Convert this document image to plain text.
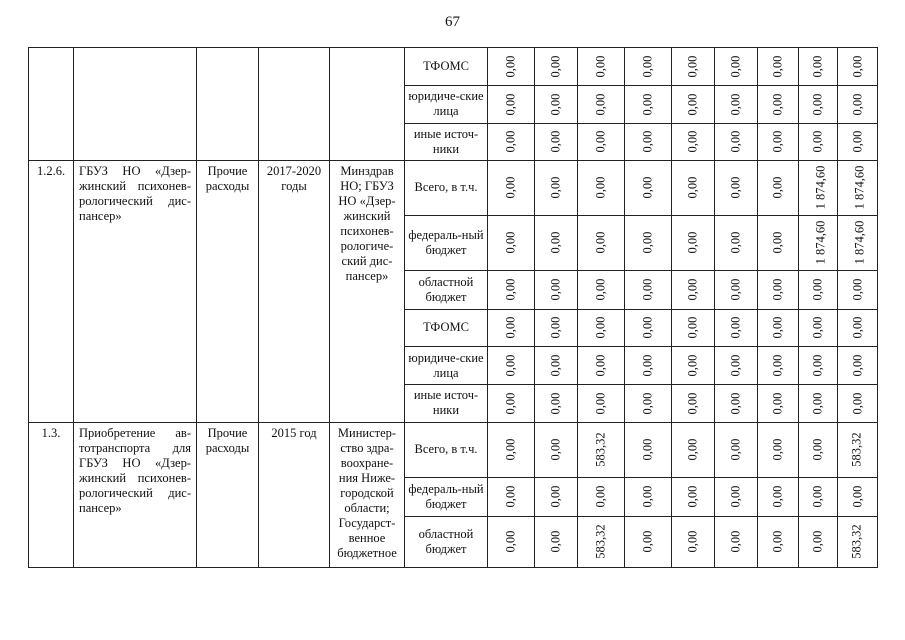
67
					ТФОМС	0,00	0,00	0,00	0,00	0,00	0,00	0,00	0,00	0,00
					юридиче-ские лица	0,00	0,00	0,00	0,00	0,00	0,00	0,00	0,00	0,00
					иные источ-ники	0,00	0,00	0,00	0,00	0,00	0,00	0,00	0,00	0,00
1.2.6.	ГБУЗ НО «Дзер-жинский психонев-рологический дис-пансер»	Прочие расходы	2017-2020 годы	Минздрав НО; ГБУЗ НО «Дзер-жинский психонев-рологиче-ский дис-пансер»	Всего, в т.ч.	0,00	0,00	0,00	0,00	0,00	0,00	0,00	1 874,60	1 874,60
					федераль-ный бюджет	0,00	0,00	0,00	0,00	0,00	0,00	0,00	1 874,60	1 874,60
					областной бюджет	0,00	0,00	0,00	0,00	0,00	0,00	0,00	0,00	0,00
					ТФОМС	0,00	0,00	0,00	0,00	0,00	0,00	0,00	0,00	0,00
					юридиче-ские лица	0,00	0,00	0,00	0,00	0,00	0,00	0,00	0,00	0,00
					иные источ-ники	0,00	0,00	0,00	0,00	0,00	0,00	0,00	0,00	0,00
1.3.	Приобретение ав-тотранспорта для ГБУЗ НО «Дзер-жинский психонев-рологический дис-пансер»	Прочие расходы	2015 год	Министер-ство здра-воохране-ния Ниже-городской области; Государст-венное бюджетное	Всего, в т.ч.	0,00	0,00	583,32	0,00	0,00	0,00	0,00	0,00	583,32
					федераль-ный бюджет	0,00	0,00	0,00	0,00	0,00	0,00	0,00	0,00	0,00
					областной бюджет	0,00	0,00	583,32	0,00	0,00	0,00	0,00	0,00	583,32
